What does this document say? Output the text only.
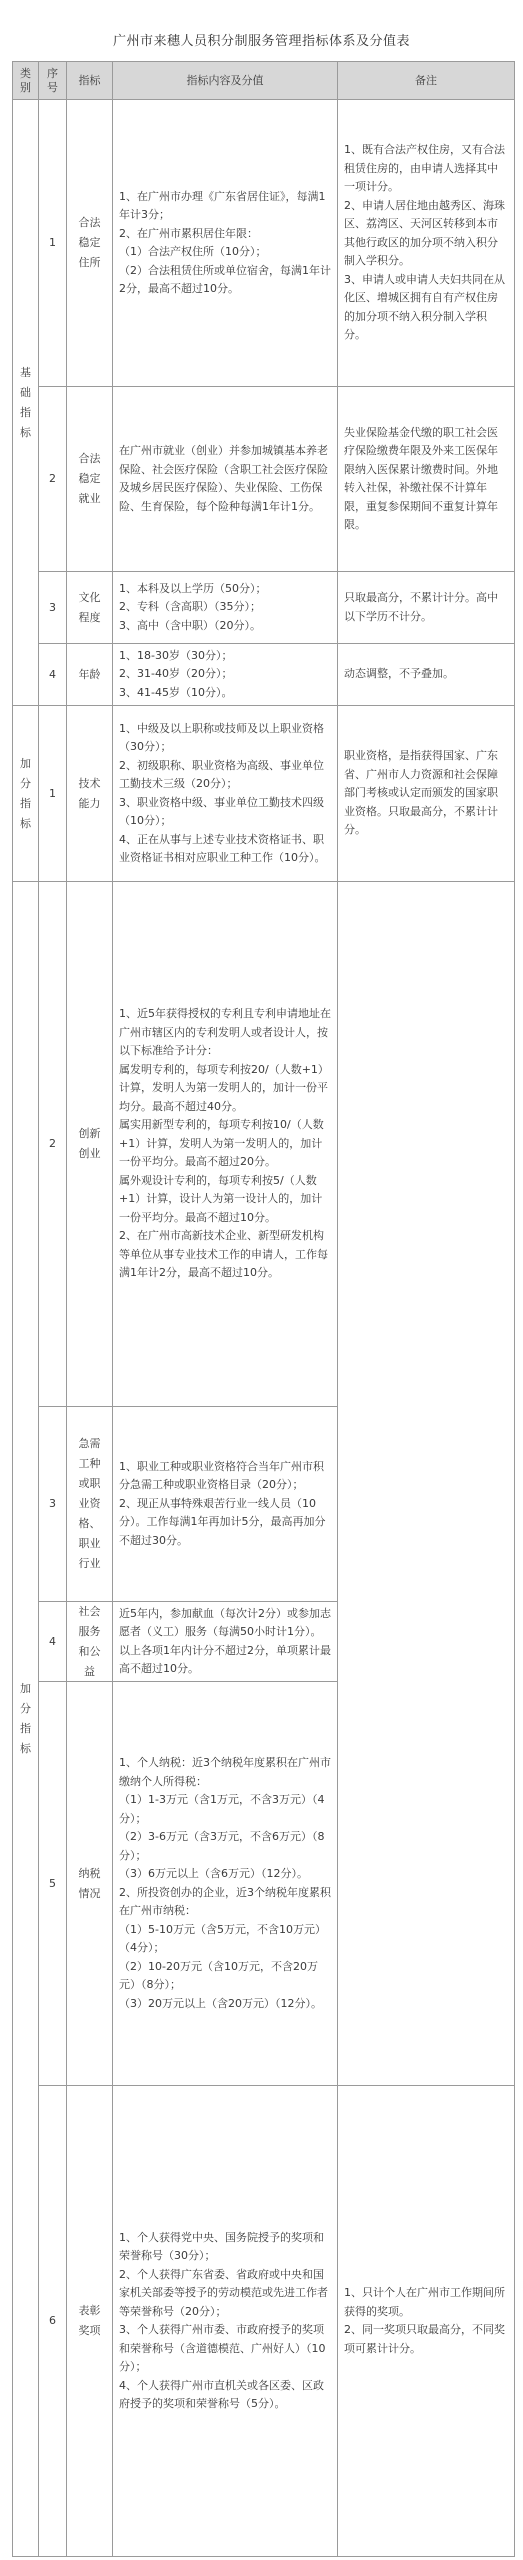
广州市来穗人员积分制服务管理指标体系及分值表
类
别
序
号
指标	指标内容及分值	备注
基
础
指
标
加
分
指
标
加
分
指
标
1
合法
稳定
住所
1、在广州市办理《广东省居住证》，每满1年计3分；
2、在广州市累积居住年限：
（1）合法产权住所（10分）；
（2）合法租赁住所或单位宿舍，每满1年计2分，最高不超过10分。
1、既有合法产权住房，又有合法租赁住房的，由申请人选择其中一项计分。
2、申请人居住地由越秀区、海珠区、荔湾区、天河区转移到本市其他行政区的加分项不纳入积分制入学积分。
3、申请人或申请人夫妇共同在从化区、增城区拥有自有产权住房的加分项不纳入积分制入学积分。
2
合法
稳定
就业
在广州市就业（创业）并参加城镇基本养老保险、社会医疗保险（含职工社会医疗保险及城乡居民医疗保险）、失业保险、工伤保险、生育保险，每个险种每满1年计1分。
失业保险基金代缴的职工社会医疗保险缴费年限及外来工医保年限纳入医保累计缴费时间。外地转入社保，补缴社保不计算年限，重复参保期间不重复计算年限。
3
文化
程度
1、本科及以上学历（50分）；
2、专科（含高职）（35分）；
3、高中（含中职）（20分）。
只取最高分，不累计计分。高中以下学历不计分。
4 年龄
1、18-30岁（30分）；
2、31-40岁（20分）；
3、41-45岁（10分）。
动态调整，不予叠加。
1
技术
能力
1、中级及以上职称或技师及以上职业资格（30分）；
2、初级职称、职业资格为高级、事业单位工勤技术三级（20分）；
3、职业资格中级、事业单位工勤技术四级（10分）；
4、正在从事与上述专业技术资格证书、职业资格证书相对应职业工种工作（10分）。
职业资格，是指获得国家、广东省、广州市人力资源和社会保障部门考核或认定而颁发的国家职业资格。只取最高分，不累计计分。
2
创新
创业
1、近5年获得授权的专利且专利申请地址在广州市辖区内的专利发明人或者设计人，按以下标准给予计分：
属发明专利的，每项专利按20/（人数+1）计算，发明人为第一发明人的，加计一份平均分。最高不超过40分。
属实用新型专利的，每项专利按10/（人数+1）计算，发明人为第一发明人的，加计一份平均分。最高不超过20分。
属外观设计专利的，每项专利按5/（人数+1）计算，设计人为第一设计人的，加计一份平均分。最高不超过10分。
2、在广州市高新技术企业、新型研发机构等单位从事专业技术工作的申请人，工作每满1年计2分，最高不超过10分。
3
急需
工种
或职
业资
格、
职业
行业
1、职业工种或职业资格符合当年广州市积分急需工种或职业资格目录（20分）；
2、现正从事特殊艰苦行业一线人员（10分）。工作每满1年再加计5分，最高再加分不超过30分。
4
社会
服务
和公
益
近5年内，参加献血（每次计2分）或参加志愿者（义工）服务（每满50小时计1分）。以上各项1年内计分不超过2分，单项累计最高不超过10分。
5
纳税
情况
1、个人纳税：近3个纳税年度累积在广州市缴纳个人所得税：
（1）1-3万元（含1万元，不含3万元）（4分）；
（2）3-6万元（含3万元，不含6万元）（8分）；
（3）6万元以上（含6万元）（12分）。
2、所投资创办的企业，近3个纳税年度累积在广州市纳税：
（1）5-10万元（含5万元，不含10万元）（4分）；
（2）10-20万元（含10万元，不含20万元）（8分）；
（3）20万元以上（含20万元）（12分）。
6
表彰
奖项
1、个人获得党中央、国务院授予的奖项和荣誉称号（30分）；
2、个人获得广东省委、省政府或中央和国家机关部委等授予的劳动模范或先进工作者等荣誉称号（20分）；
3、个人获得广州市委、市政府授予的奖项和荣誉称号（含道德模范、广州好人）（10分）；
4、个人获得广州市直机关或各区委、区政府授予的奖项和荣誉称号（5分）。
1、只计个人在广州市工作期间所获得的奖项。
2、同一奖项只取最高分，不同奖项可累计计分。
